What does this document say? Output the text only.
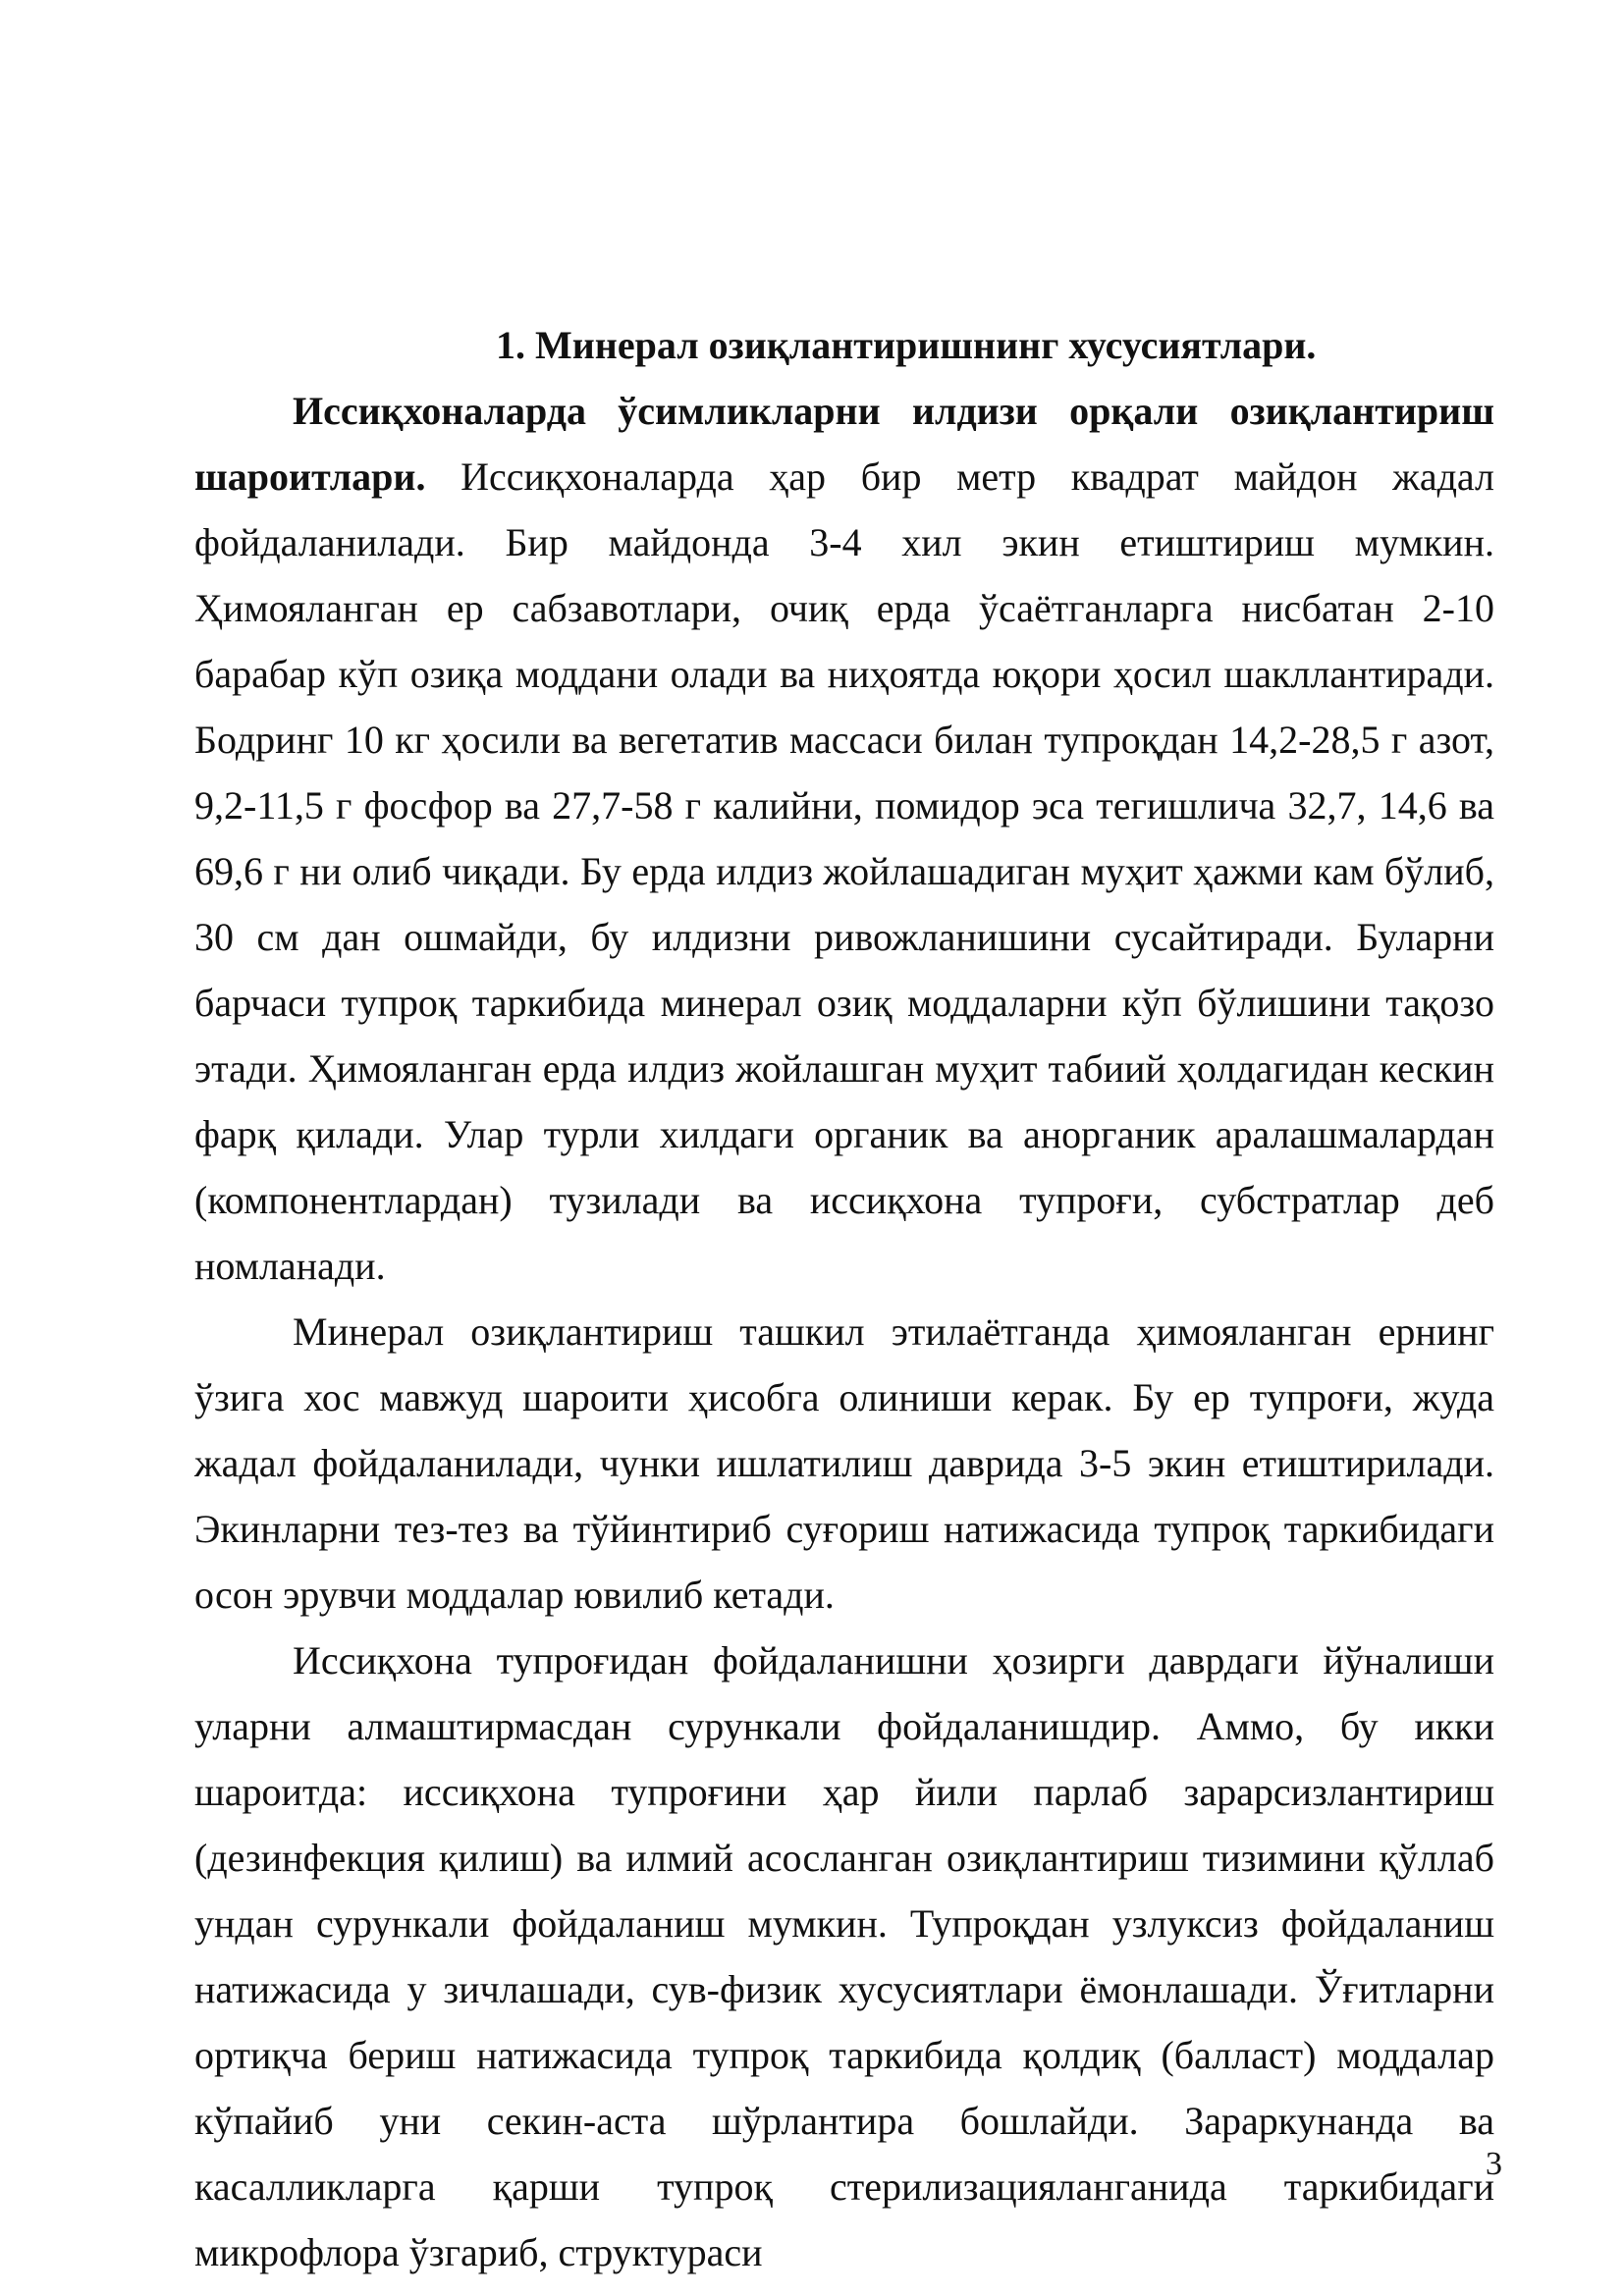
1. Минерал озиқлантиришнинг хусусиятлари.

Иссиқхоналарда ўсимликларни илдизи орқали озиқлантириш шароитлари. Иссиқхоналарда ҳар бир метр квадрат майдон жадал фойдаланилади. Бир майдонда 3-4 хил экин етиштириш мумкин. Ҳимояланган ер сабзавотлари, очиқ ерда ўсаётганларга нисбатан 2-10 барабар кўп озиқа моддани олади ва ниҳоятда юқори ҳосил шакллантиради. Бодринг 10 кг ҳосили ва вегетатив массаси билан тупроқдан 14,2-28,5 г азот, 9,2-11,5 г фосфор ва 27,7-58 г калийни, помидор эса тегишлича 32,7, 14,6 ва 69,6 г ни олиб чиқади. Бу ерда илдиз жойлашадиган муҳит ҳажми кам бўлиб, 30 см дан ошмайди, бу илдизни ривожланишини сусайтиради. Буларни барчаси тупроқ таркибида минерал озиқ моддаларни кўп бўлишини тақозо этади. Ҳимояланган ерда илдиз жойлашган муҳит табиий ҳолдагидан кескин фарқ қилади. Улар турли хилдаги органик ва анорганик аралашмалардан (компонентлардан) тузилади ва иссиқхона тупроғи, субстратлар деб номланади.

Минерал озиқлантириш ташкил этилаётганда ҳимояланган ернинг ўзига хос мавжуд шароити ҳисобга олиниши керак. Бу ер тупроғи, жуда жадал фойдаланилади, чунки ишлатилиш даврида 3-5 экин етиштирилади. Экинларни тез-тез ва тўйинтириб суғориш натижасида тупроқ таркибидаги осон эрувчи моддалар ювилиб кетади.

Иссиқхона тупроғидан фойдаланишни ҳозирги даврдаги йўналиши уларни алмаштирмасдан сурункали фойдаланишдир. Аммо, бу икки шароитда: иссиқхона тупроғини ҳар йили парлаб зарарсизлантириш (дезинфекция қилиш) ва илмий асосланган озиқлантириш тизимини қўллаб ундан сурункали фойдаланиш мумкин. Тупроқдан узлуксиз фойдаланиш натижасида у зичлашади, сув-физик хусусиятлари ёмонлашади. Ўғитларни ортиқча бериш натижасида тупроқ таркибида қолдиқ (балласт) моддалар кўпайиб уни секин-аста шўрлантира бошлайди. Зараркунанда ва касалликларга қарши тупроқ стерилизацияланганида таркибидаги микрофлора ўзгариб, структураси

3
